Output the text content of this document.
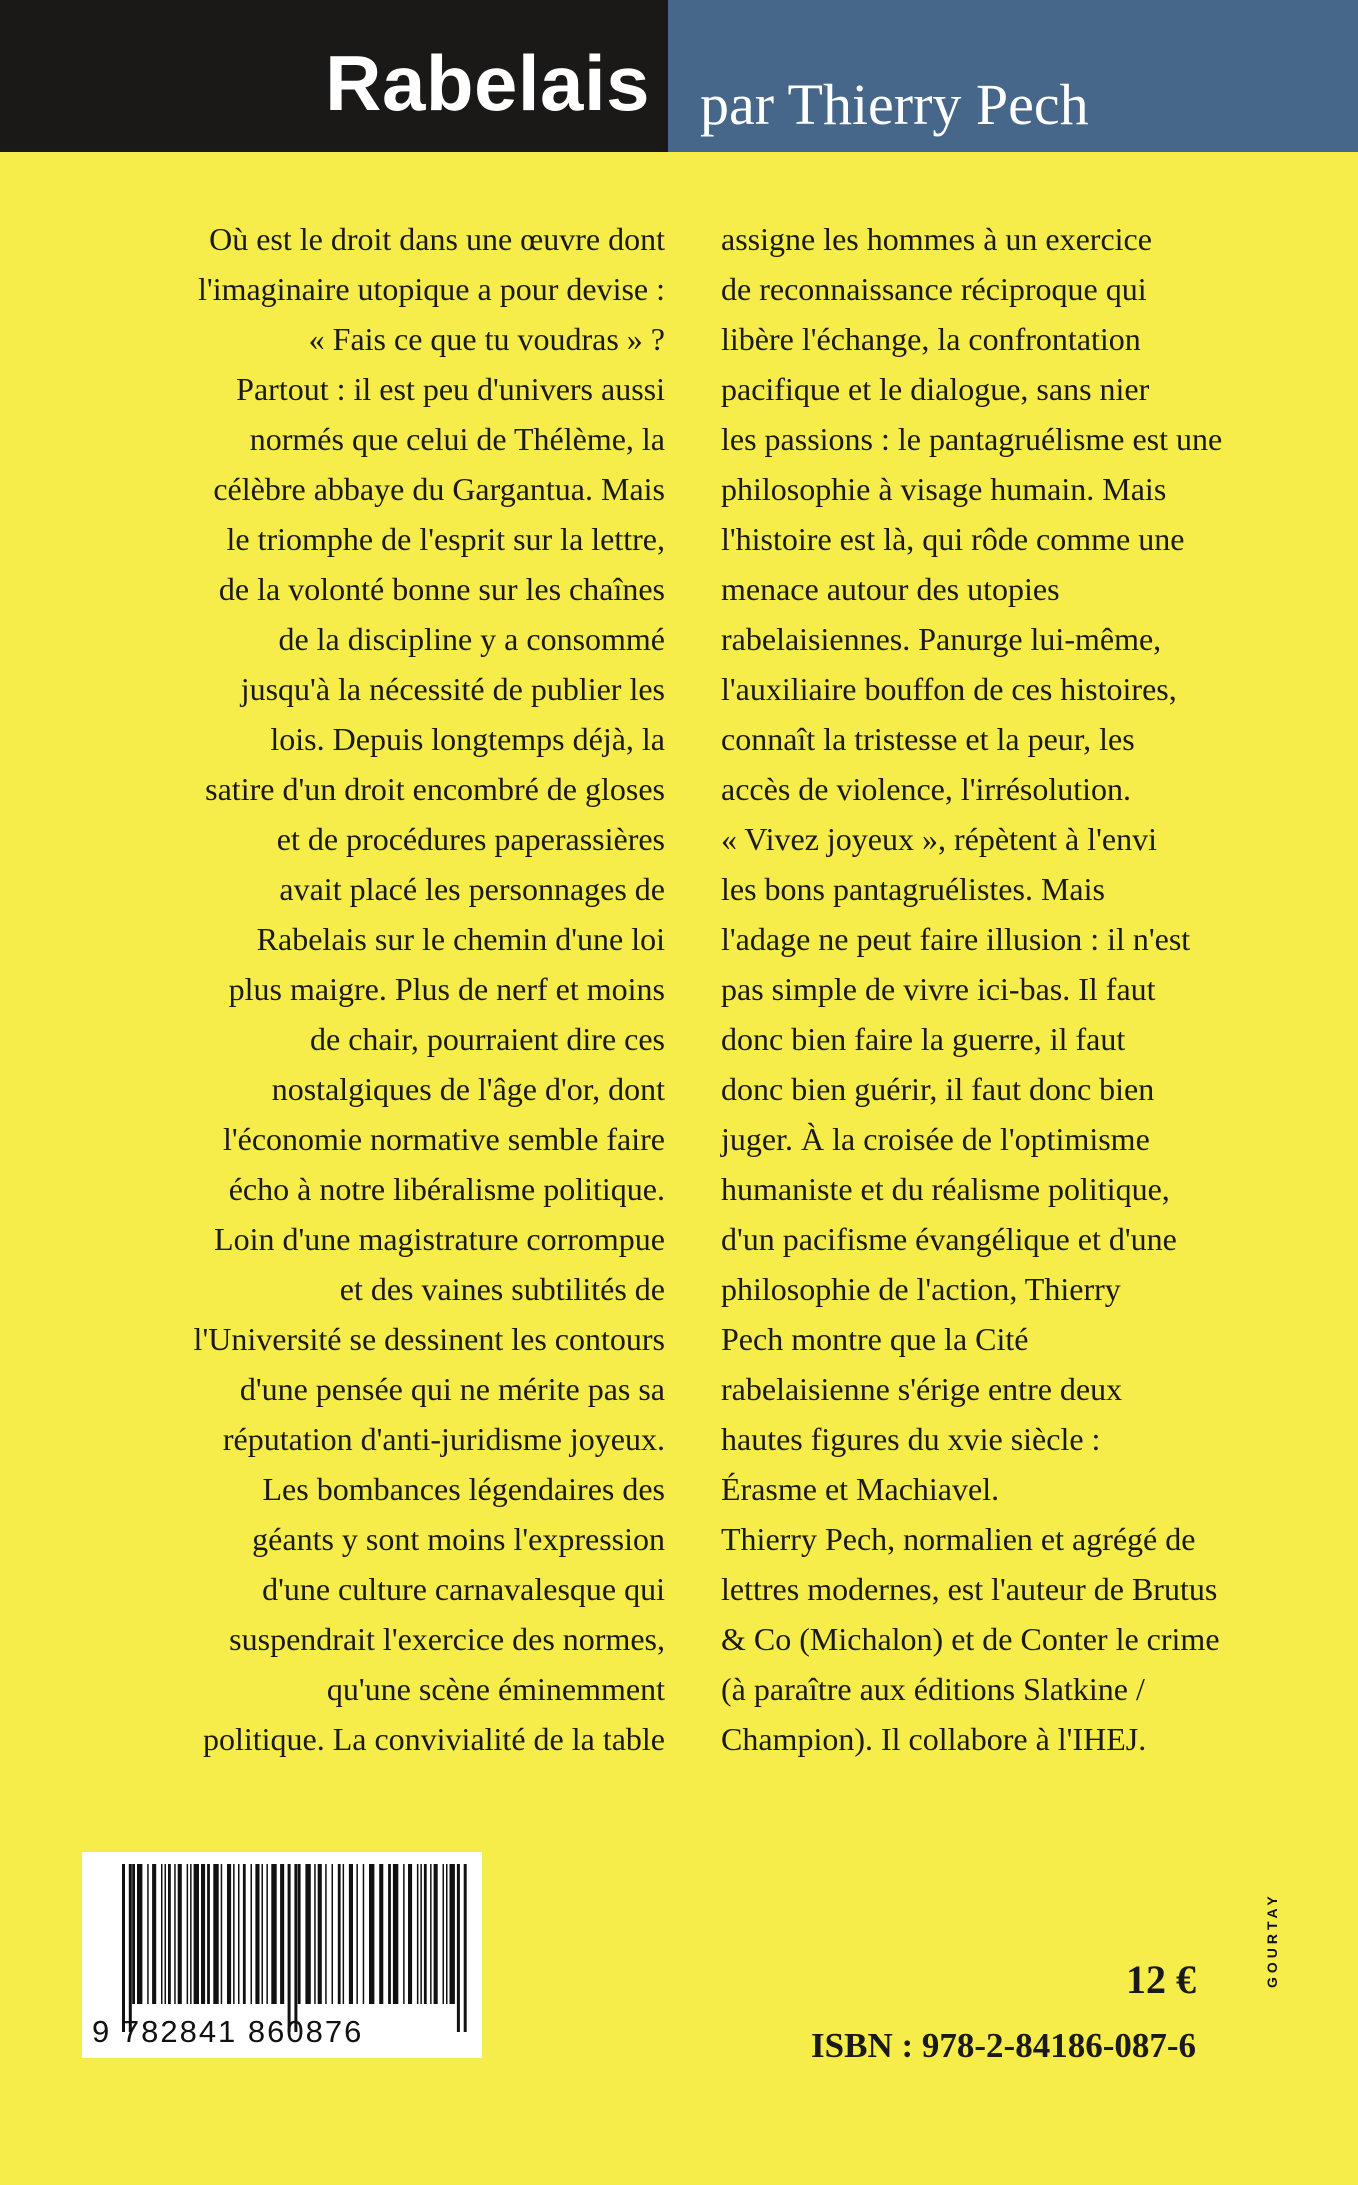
Rabelais par Thierry Pech

Où est le droit dans une œuvre dont
l'imaginaire utopique a pour devise :
« Fais ce que tu voudras » ?
Partout : il est peu d'univers aussi
normés que celui de Thélème, la
célèbre abbaye du Gargantua. Mais
le triomphe de l'esprit sur la lettre,
de la volonté bonne sur les chaînes
de la discipline y a consommé
jusqu'à la nécessité de publier les
lois. Depuis longtemps déjà, la
satire d'un droit encombré de gloses
et de procédures paperassières
avait placé les personnages de
Rabelais sur le chemin d'une loi
plus maigre. Plus de nerf et moins
de chair, pourraient dire ces
nostalgiques de l'âge d'or, dont
l'économie normative semble faire
écho à notre libéralisme politique.
Loin d'une magistrature corrompue
et des vaines subtilités de
l'Université se dessinent les contours
d'une pensée qui ne mérite pas sa
réputation d'anti-juridisme joyeux.
Les bombances légendaires des
géants y sont moins l'expression
d'une culture carnavalesque qui
suspendrait l'exercice des normes,
qu'une scène éminemment
politique. La convivialité de la table
assigne les hommes à un exercice
de reconnaissance réciproque qui
libère l'échange, la confrontation
pacifique et le dialogue, sans nier
les passions : le pantagruélisme est une
philosophie à visage humain. Mais
l'histoire est là, qui rôde comme une
menace autour des utopies
rabelaisiennes. Panurge lui-même,
l'auxiliaire bouffon de ces histoires,
connaît la tristesse et la peur, les
accès de violence, l'irrésolution.
« Vivez joyeux », répètent à l'envi
les bons pantagruélistes. Mais
l'adage ne peut faire illusion : il n'est
pas simple de vivre ici-bas. Il faut
donc bien faire la guerre, il faut
donc bien guérir, il faut donc bien
juger. À la croisée de l'optimisme
humaniste et du réalisme politique,
d'un pacifisme évangélique et d'une
philosophie de l'action, Thierry
Pech montre que la Cité
rabelaisienne s'érige entre deux
hautes figures du xvie siècle :
Érasme et Machiavel.
Thierry Pech, normalien et agrégé de
lettres modernes, est l'auteur de Brutus
& Co (Michalon) et de Conter le crime
(à paraître aux éditions Slatkine /
Champion). Il collabore à l'IHEJ.
9 782841 860876
12 €
ISBN : 978-2-84186-087-6
GOURTAY
